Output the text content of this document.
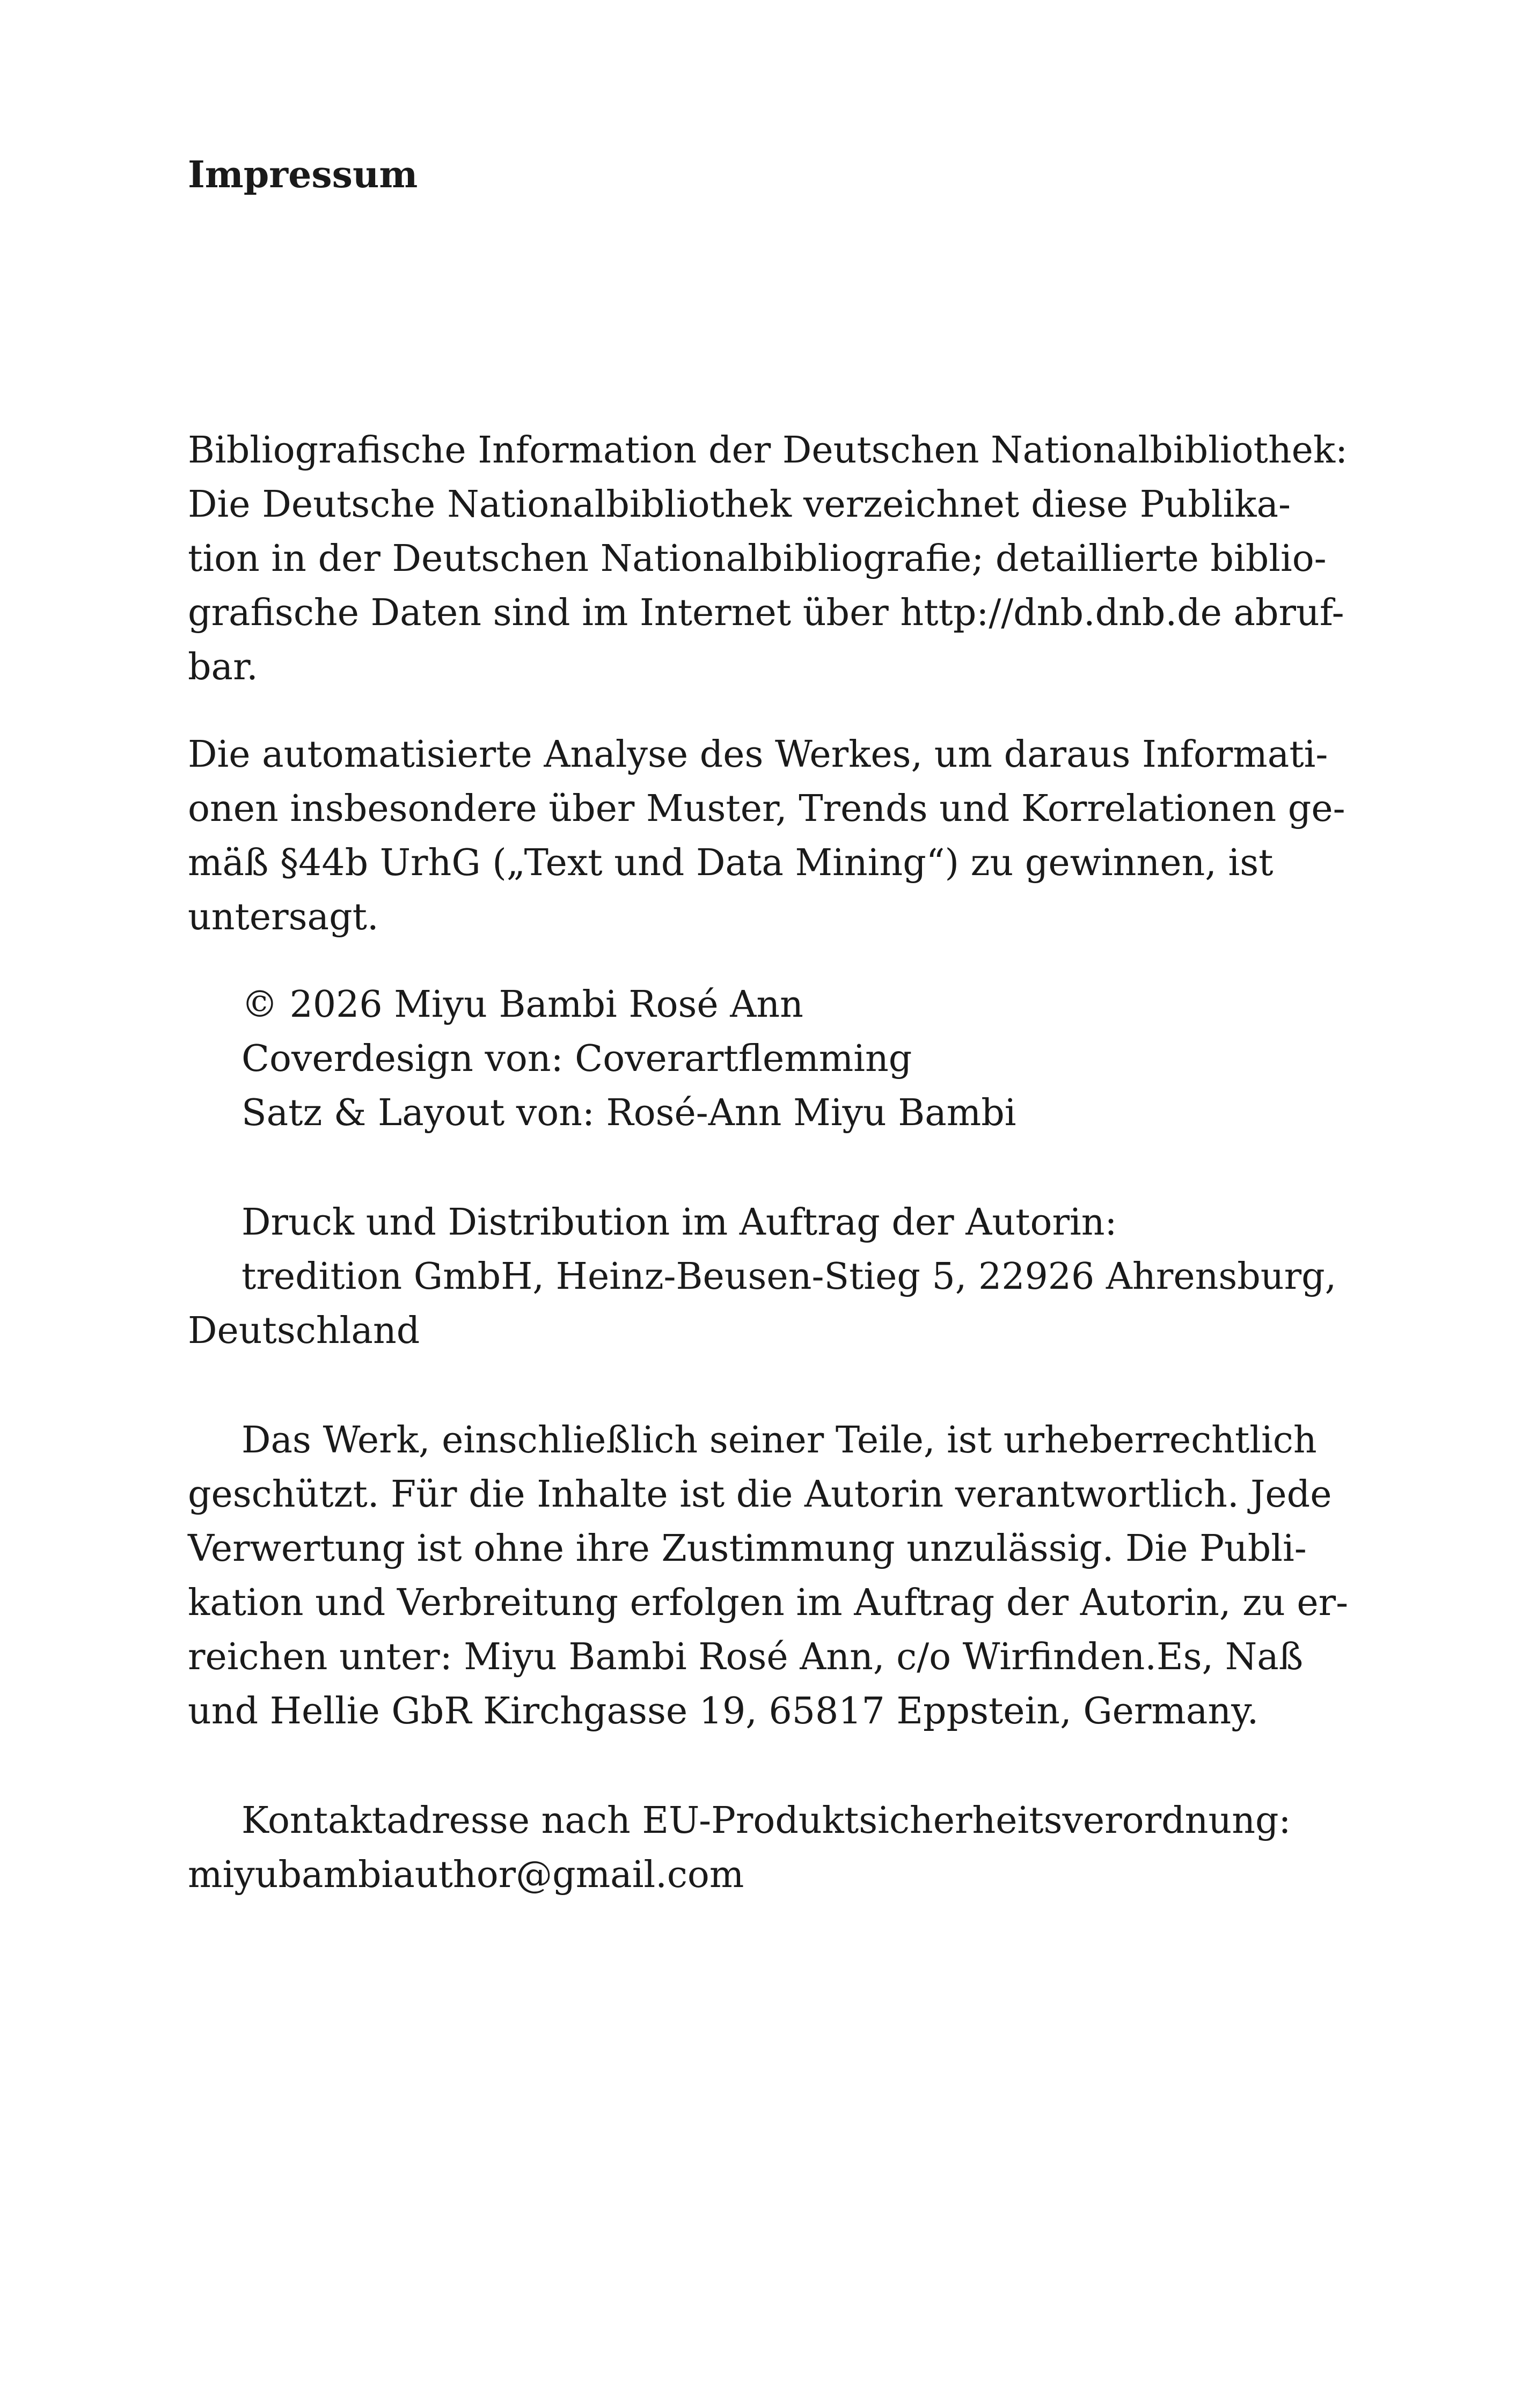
Impressum

Bibliografische Information der Deutschen Nationalbibliothek:

Die Deutsche Nationalbibliothek verzeichnet diese Publika-

tion in der Deutschen Nationalbibliografie; detaillierte biblio-

grafische Daten sind im Internet über http://dnb.dnb.de abruf-

bar.

Die automatisierte Analyse des Werkes, um daraus Informati-

onen insbesondere über Muster, Trends und Korrelationen ge-

mäß §44b UrhG („Text und Data Mining“) zu gewinnen, ist

untersagt.

© 2026 Miyu Bambi Rosé Ann

Coverdesign von: Coverartflemming

Satz & Layout von: Rosé-Ann Miyu Bambi

Druck und Distribution im Auftrag der Autorin:

tredition GmbH, Heinz-Beusen-Stieg 5, 22926 Ahrensburg,

Deutschland

Das Werk, einschließlich seiner Teile, ist urheberrechtlich

geschützt. Für die Inhalte ist die Autorin verantwortlich. Jede

Verwertung ist ohne ihre Zustimmung unzulässig. Die Publi-

kation und Verbreitung erfolgen im Auftrag der Autorin, zu er-

reichen unter: Miyu Bambi Rosé Ann, c/o Wirfinden.Es, Naß

und Hellie GbR Kirchgasse 19, 65817 Eppstein, Germany.

Kontaktadresse nach EU-Produktsicherheitsverordnung:

miyubambiauthor@gmail.com
